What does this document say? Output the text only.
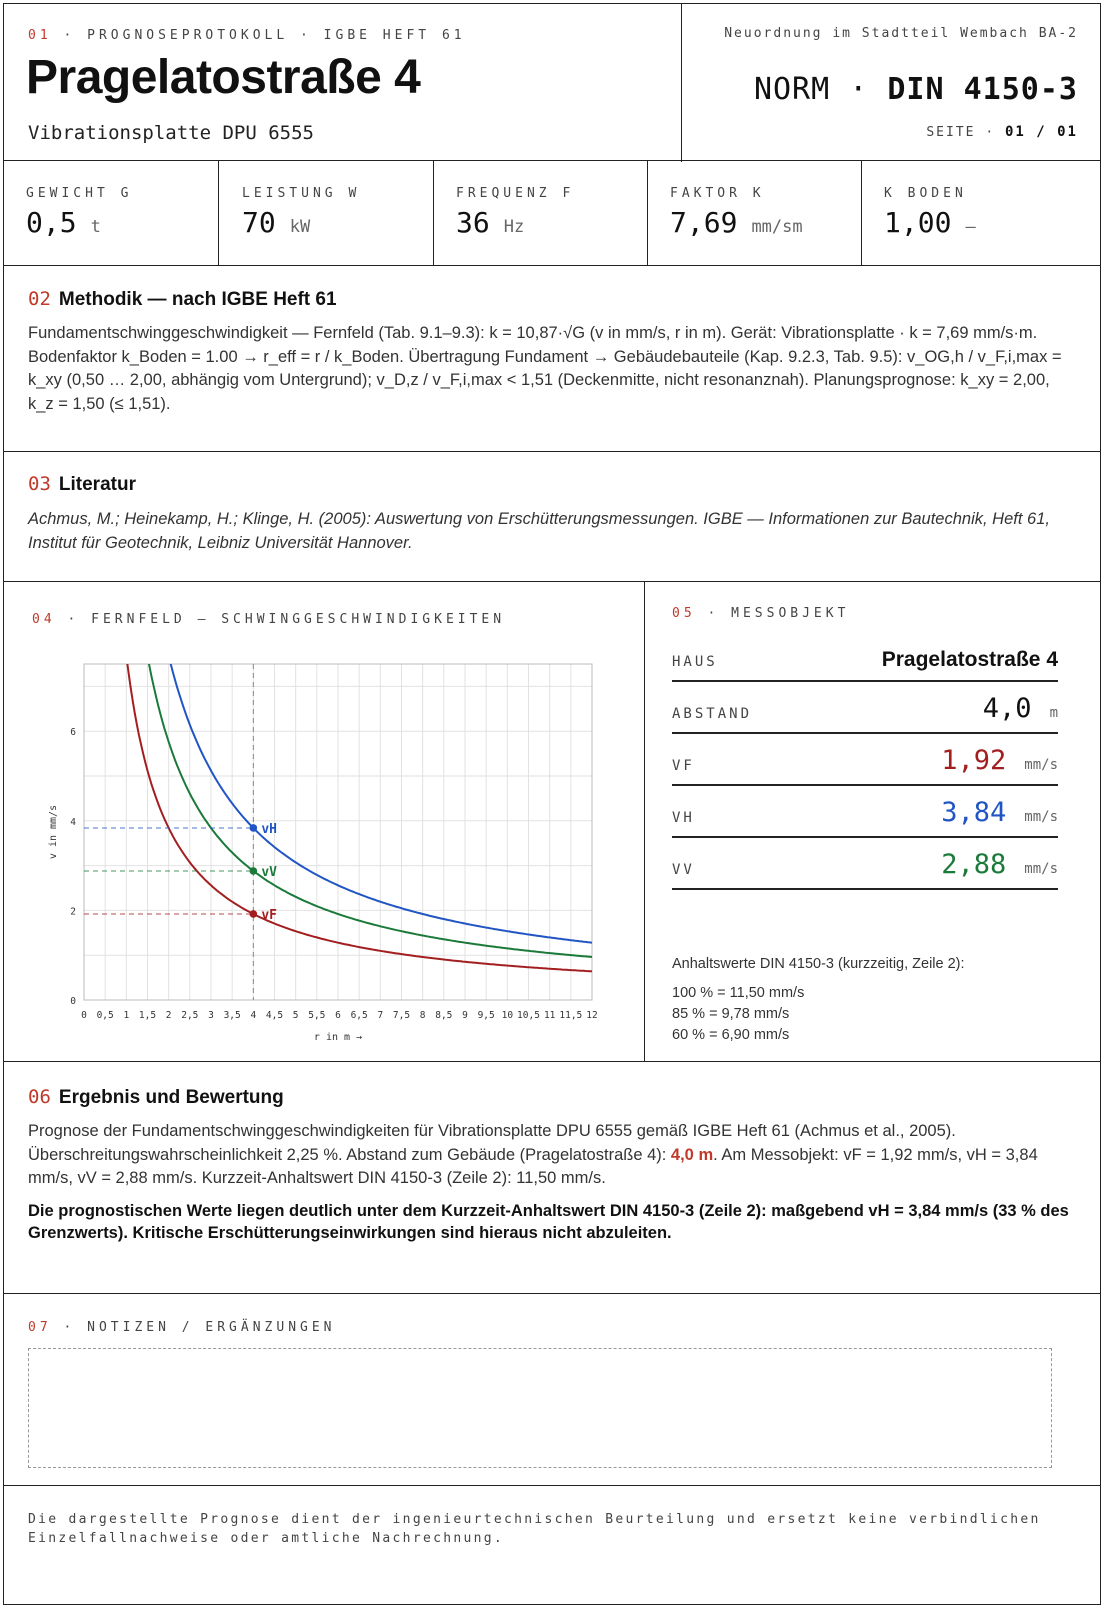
01 · PROGNOSEPROTOKOLL · IGBE HEFT 61
Pragelatostraße 4
Vibrationsplatte DPU 6555
Neuordnung im Stadtteil Wembach BA-2
NORM · DIN 4150-3
SEITE · 01 / 01
GEWICHT G
0,5 t
LEISTUNG W
70 kW
FREQUENZ F
36 Hz
FAKTOR K
7,69 mm/sm
K BODEN
1,00 —
02 Methodik — nach IGBE Heft 61
Fundamentschwinggeschwindigkeit — Fernfeld (Tab. 9.1–9.3): k = 10,87·√G (v in mm/s, r in m). Gerät: Vibrationsplatte · k = 7,69 mm/s·m. Bodenfaktor k_Boden = 1.00 → r_eff = r / k_Boden. Übertragung Fundament → Gebäudebauteile (Kap. 9.2.3, Tab. 9.5): v_OG,h / v_F,i,max = k_xy (0,50 … 2,00, abhängig vom Untergrund); v_D,z / v_F,i,max < 1,51 (Deckenmitte, nicht resonanznah). Planungsprognose: k_xy = 2,00, k_z = 1,50 (≤ 1,51).
03 Literatur
Achmus, M.; Heinekamp, H.; Klinge, H. (2005): Auswertung von Erschütterungsmessungen. IGBE — Informationen zur Bautechnik, Heft 61, Institut für Geotechnik, Leibniz Universität Hannover.
04 · FERNFELD — SCHWINGGESCHWINDIGKEITEN
vF
vV
vH
0 0,5 1 1,5 2 2,5 3 3,5 4 4,5 5 5,5 6 6,5 7 7,5 8 8,5 9 9,5 10 10,5 11 11,5 12
0
2
4
6
r in m →
v in mm/s
05 · MESSOBJEKT
HAUS	Pragelatostraße 4
ABSTAND	4,0 m
VF	1,92 mm/s
VH	3,84 mm/s
VV	2,88 mm/s
Anhaltswerte DIN 4150-3 (kurzzeitig, Zeile 2):
100 % = 11,50 mm/s
85 % = 9,78 mm/s
60 % = 6,90 mm/s
06 Ergebnis und Bewertung
Prognose der Fundamentschwinggeschwindigkeiten für Vibrationsplatte DPU 6555 gemäß IGBE Heft 61 (Achmus et al., 2005). Überschreitungswahrscheinlichkeit 2,25 %. Abstand zum Gebäude (Pragelatostraße 4): 4,0 m. Am Messobjekt: vF = 1,92 mm/s, vH = 3,84 mm/s, vV = 2,88 mm/s. Kurzzeit-Anhaltswert DIN 4150-3 (Zeile 2): 11,50 mm/s.
Die prognostischen Werte liegen deutlich unter dem Kurzzeit-Anhaltswert DIN 4150-3 (Zeile 2): maßgebend vH = 3,84 mm/s (33 % des Grenzwerts). Kritische Erschütterungseinwirkungen sind hieraus nicht abzuleiten.
07 · NOTIZEN / ERGÄNZUNGEN
Die dargestellte Prognose dient der ingenieurtechnischen Beurteilung und ersetzt keine verbindlichen Einzelfallnachweise oder amtliche Nachrechnung.
